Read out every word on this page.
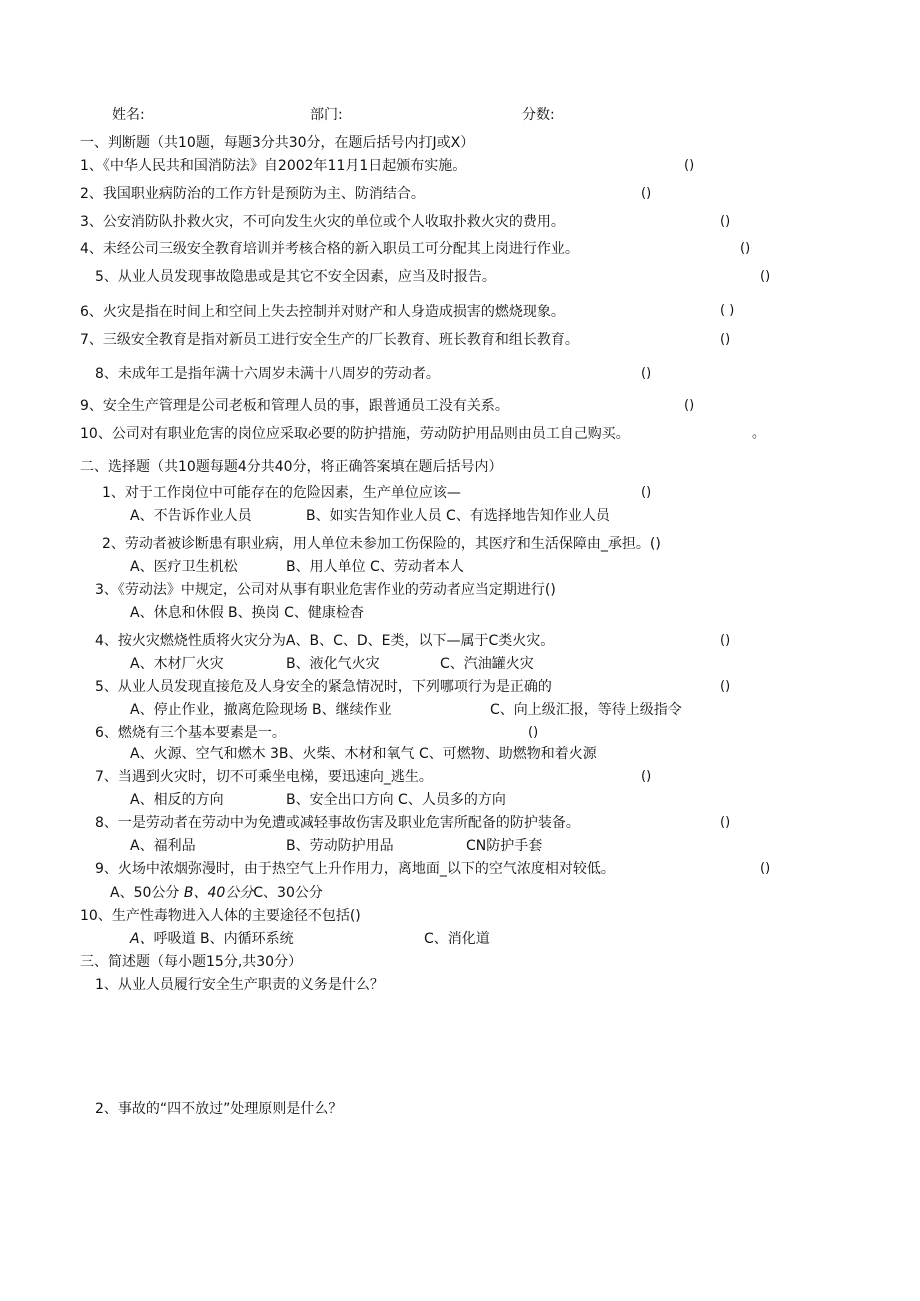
姓名:	部门:	分数:
一、判断题（共10题，每题3分共30分，在题后括号内打J或X）
1、《中华人民共和国消防法》自2002年11月1日起颁布实施。	()
2、我国职业病防治的工作方针是预防为主、防消结合。	()
3、公安消防队扑救火灾，不可向发生火灾的单位或个人收取扑救火灾的费用。	()
4、未经公司三级安全教育培训并考核合格的新入职员工可分配其上岗进行作业。	()
5、从业人员发现事故隐患或是其它不安全因素，应当及时报告。	()
6、火灾是指在时间上和空间上失去控制并对财产和人身造成损害的燃烧现象。	( )
7、三级安全教育是指对新员工进行安全生产的厂长教育、班长教育和组长教育。	()
8、未成年工是指年满十六周岁未满十八周岁的劳动者。	()
9、安全生产管理是公司老板和管理人员的事，跟普通员工没有关系。	()
10、公司对有职业危害的岗位应采取必要的防护措施，劳动防护用品则由员工自己购买。	。
二、选择题（共10题每题4分共40分，将正确答案填在题后括号内）
1、对于工作岗位中可能存在的危险因素，生产单位应该—	()
A、不告诉作业人员	B、如实告知作业人员 C、有选择地告知作业人员
2、劳动者被诊断患有职业病，用人单位未参加工伤保险的，其医疗和生活保障由_承担。()
A、医疗卫生机松	B、用人单位 C、劳动者本人
3、《劳动法》中规定，公司对从事有职业危害作业的劳动者应当定期进行()
A、休息和休假 B、换岗 C、健康检杳
4、按火灾燃烧性质将火灾分为A、B、C、D、E类，以下—属于C类火灾。	()
A、木材厂火灾	B、液化气火灾	C、汽油罐火灾
5、从业人员发现直接危及人身安全的紧急情况时，下列哪项行为是正确的	()
A、停止作业，撤离危险现场 B、继续作业	C、向上级汇报，等待上级指令
6、燃烧有三个基本要素是一。	()
A、火源、空气和燃木 3B、火柴、木材和氧气 C、可燃物、助燃物和着火源
7、当遇到火灾时，切不可乘坐电梯，要迅速向_逃生。	()
A、相反的方向	B、安全出口方向 C、人员多的方向
8、一是劳动者在劳动中为免遭或减轻事故伤害及职业危害所配备的防护装备。	()
A、福利品	B、劳动防护用品	CN防护手套
9、火场中浓烟弥漫时，由于热空气上升作用力，离地面_以下的空气浓度相对较低。	()
A、50公分 B、40公分C、30公分
10、生产性毒物进入人体的主要途径不包括()
A、呼吸道 B、内循环系统	C、消化道
三、简述题（每小题15分,共30分）
1、从业人员履行安全生产职责的义务是什么？
2、事故的“四不放过”处理原则是什么？
